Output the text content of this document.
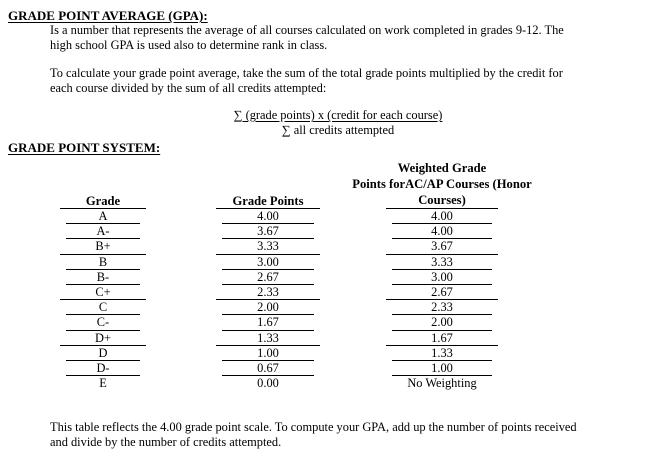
GRADE POINT AVERAGE (GPA):
Is a number that represents the average of all courses calculated on work completed in grades 9-12. The
high school GPA is used also to determine rank in class.
To calculate your grade point average, take the sum of the total grade points multiplied by the credit for
each course divided by the sum of all credits attempted:
∑ (grade points) x (credit for each course)
∑ all credits attempted
GRADE POINT SYSTEM:
Weighted Grade
Points forAC/AP Courses (Honor
Courses)
Grade	Grade Points
A	4.00	4.00
A-	3.67	4.00
B+	3.33	3.67
B	3.00	3.33
B-	2.67	3.00
C+	2.33	2.67
C	2.00	2.33
C-	1.67	2.00
D+	1.33	1.67
D	1.00	1.33
D-	0.67	1.00
E	0.00	No Weighting
This table reflects the 4.00 grade point scale. To compute your GPA, add up the number of points received
and divide by the number of credits attempted.
